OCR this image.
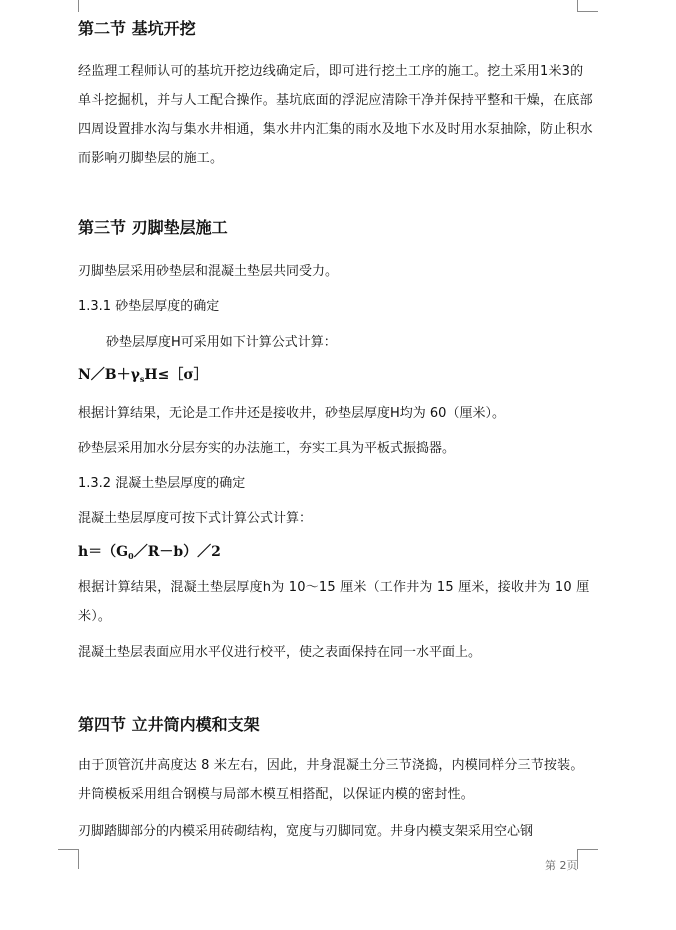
第二节 基坑开挖
经监理工程师认可的基坑开挖边线确定后，即可进行挖土工序的施工。挖土采用1米3的单斗挖掘机，并与人工配合操作。基坑底面的浮泥应清除干净并保持平整和干燥，在底部四周设置排水沟与集水井相通，集水井内汇集的雨水及地下水及时用水泵抽除，防止积水而影响刃脚垫层的施工。
第三节 刃脚垫层施工
刃脚垫层采用砂垫层和混凝土垫层共同受力。
1.3.1 砂垫层厚度的确定
砂垫层厚度H可采用如下计算公式计算：
$N/B+\gamma_sH\le[\sigma]$
根据计算结果，无论是工作井还是接收井，砂垫层厚度H均为 60（厘米）。
砂垫层采用加水分层夯实的办法施工，夯实工具为平板式振捣器。
1.3.2 混凝土垫层厚度的确定
混凝土垫层厚度可按下式计算公式计算：
$h=(G_0/R-b)/2$
根据计算结果，混凝土垫层厚度h为 10～15 厘米（工作井为 15 厘米，接收井为 10 厘米）。
混凝土垫层表面应用水平仪进行校平，使之表面保持在同一水平面上。
第四节 立井筒内模和支架
由于顶管沉井高度达 8 米左右，因此，井身混凝土分三节浇捣，内模同样分三节按装。井筒模板采用组合钢模与局部木模互相搭配，以保证内模的密封性。
刃脚踏脚部分的内模采用砖砌结构，宽度与刃脚同宽。井身内模支架采用空心钢
第 2页
